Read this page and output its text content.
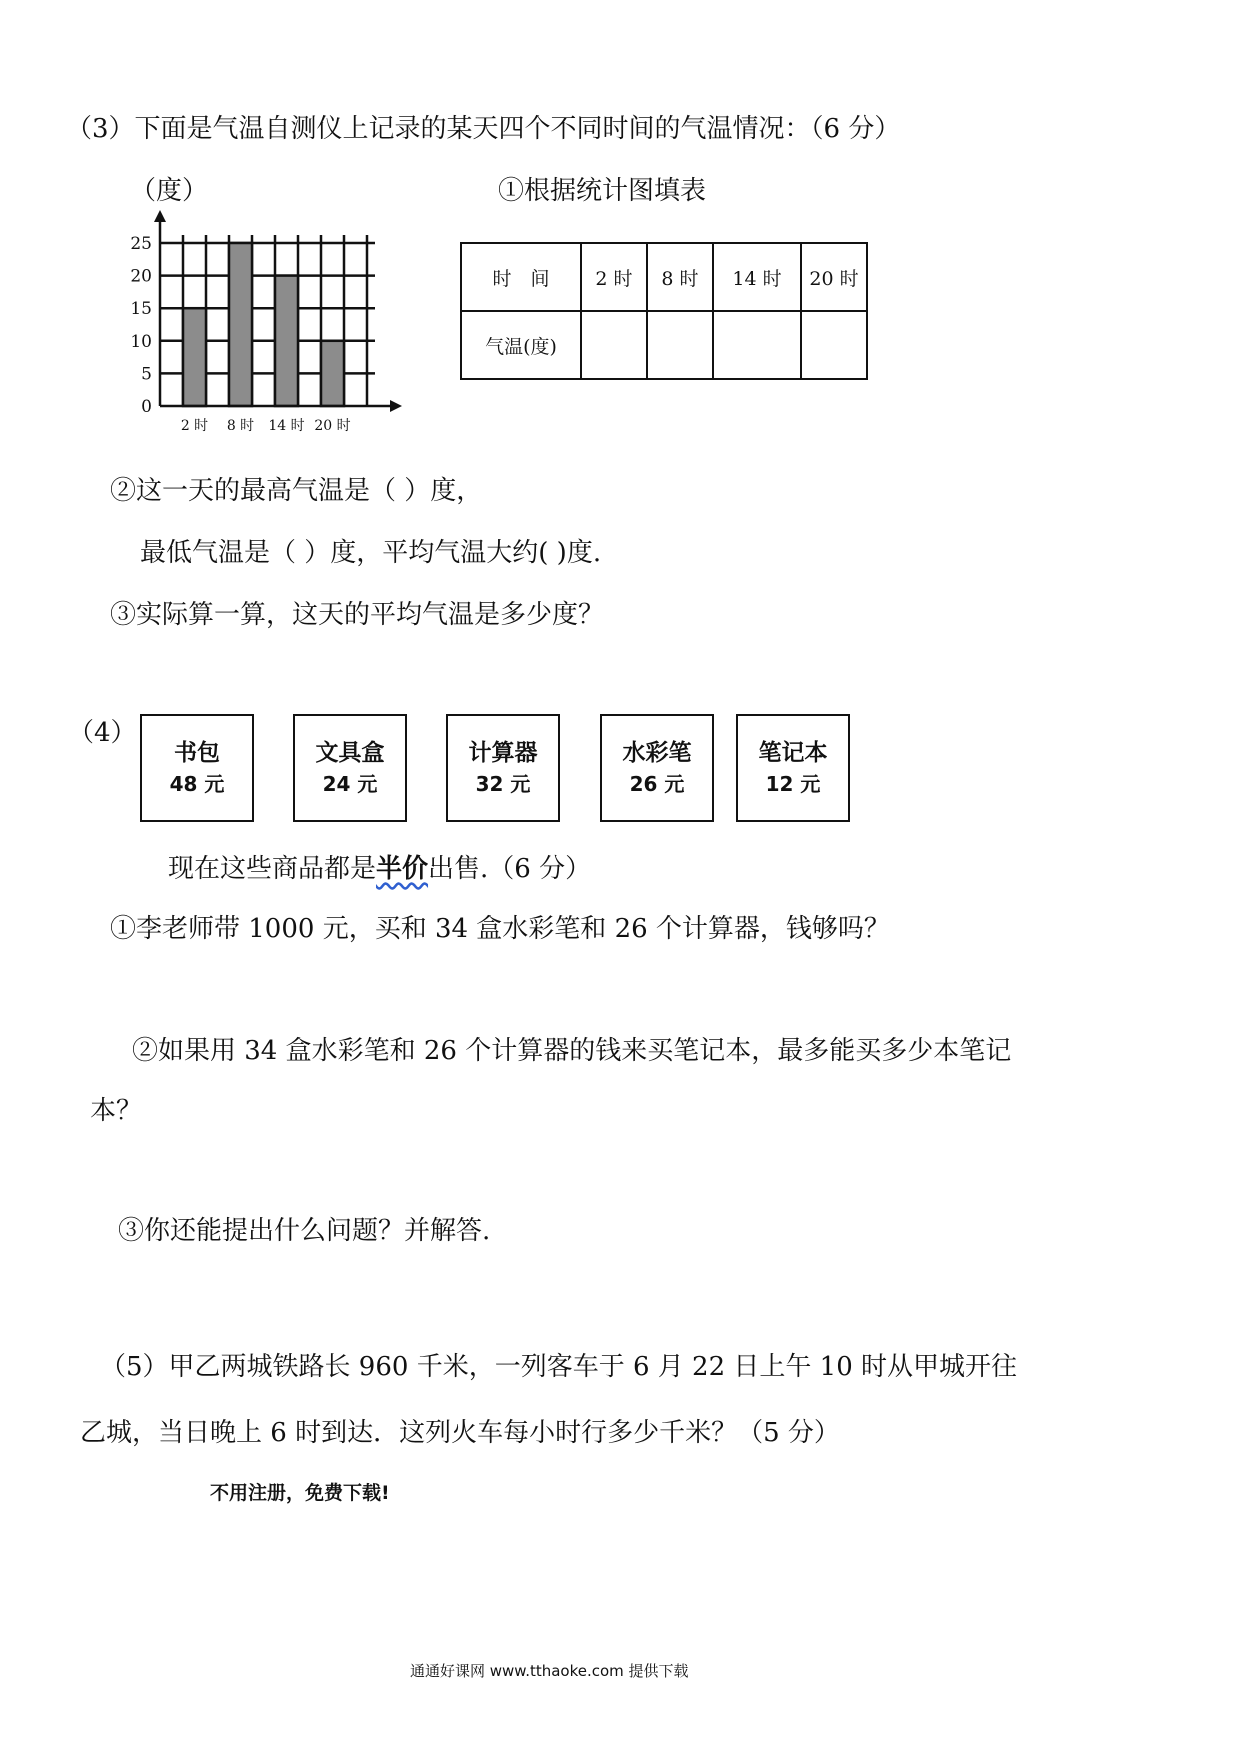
（3）下面是气温自测仪上记录的某天四个不同时间的气温情况：（6 分）
（度）	①根据统计图填表
0
5
10
15
20
25
2 时 8 时 14 时 20 时
时　间	2 时	8 时	14 时	20 时
气温(度)				
②这一天的最高气温是（ ）度，
最低气温是（ ）度，平均气温大约( )度.
③实际算一算，这天的平均气温是多少度？
（4）
书包
48 元
文具盒
24 元
计算器
32 元
水彩笔
26 元
笔记本
12 元
现在这些商品都是半价出售.（6 分）
①李老师带 1000 元，买和 34 盒水彩笔和 26 个计算器，钱够吗？
②如果用 34 盒水彩笔和 26 个计算器的钱来买笔记本，最多能买多少本笔记
本？
③你还能提出什么问题？并解答.
（5）甲乙两城铁路长 960 千米，一列客车于 6 月 22 日上午 10 时从甲城开往
乙城，当日晚上 6 时到达．这列火车每小时行多少千米？（5 分）
不用注册，免费下载!
通通好课网 www.tthaoke.com 提供下载
